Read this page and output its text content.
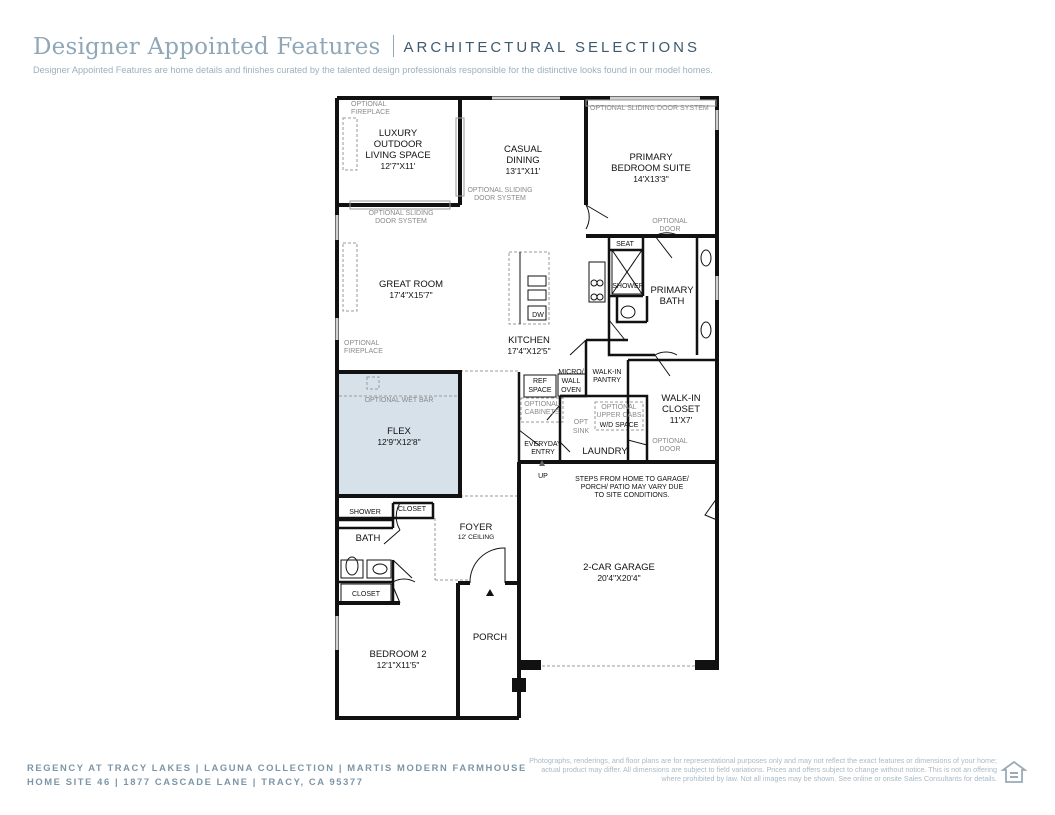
Designer Appointed Features ARCHITECTURAL SELECTIONS
Designer Appointed Features are home details and finishes curated by the talented design professionals responsible for the distinctive looks found in our model homes.
LUXURY
OUTDOOR
LIVING SPACE
12'7"X11'
CASUAL
DINING
13'1"X11'
PRIMARY
BEDROOM SUITE
14'X13'3"
GREAT ROOM
17'4"X15'7"
KITCHEN
17'4"X12'5"
PRIMARY
BATH
WALK-IN
CLOSET
11'X7'
FLEX
12'9"X12'8"
LAUNDRY
2-CAR GARAGE
20'4"X20'4"
FOYER
12' CEILING
BATH
PORCH
BEDROOM 2
12'1"X11'5"
OPTIONAL
FIREPLACE
OPTIONAL
FIREPLACE
OPTIONAL SLIDING DOOR SYSTEM
OPTIONAL SLIDING
DOOR SYSTEM
OPTIONAL SLIDING
DOOR SYSTEM	OPTIONAL
DOOR
OPTIONAL
DOOR
OPTIONAL WET BAR
OPTIONAL
CABINETS
OPT
SINK
OPTIONAL
UPPER CABS
SEAT
SHOWER
DW
WALK-IN
PANTRY
MICRO/
WALL
OVEN
REF
SPACE
W/D SPACE
EVERYDAY
ENTRY
UP	STEPS FROM HOME TO GARAGE/
PORCH/ PATIO MAY VARY DUE
TO SITE CONDITIONS.
SHOWER CLOSET
CLOSET
REGENCY AT TRACY LAKES | LAGUNA COLLECTION | MARTIS MODERN FARMHOUSE
HOME SITE 46 | 1877 CASCADE LANE | TRACY, CA 95377
Photographs, renderings, and floor plans are for representational purposes only and may not reflect the exact features or dimensions of your home; actual product may differ. All dimensions are subject to field variations. Prices and offers subject to change without notice. This is not an offering where prohibited by law. Not all images may be shown. See online or onsite Sales Consultants for details.
